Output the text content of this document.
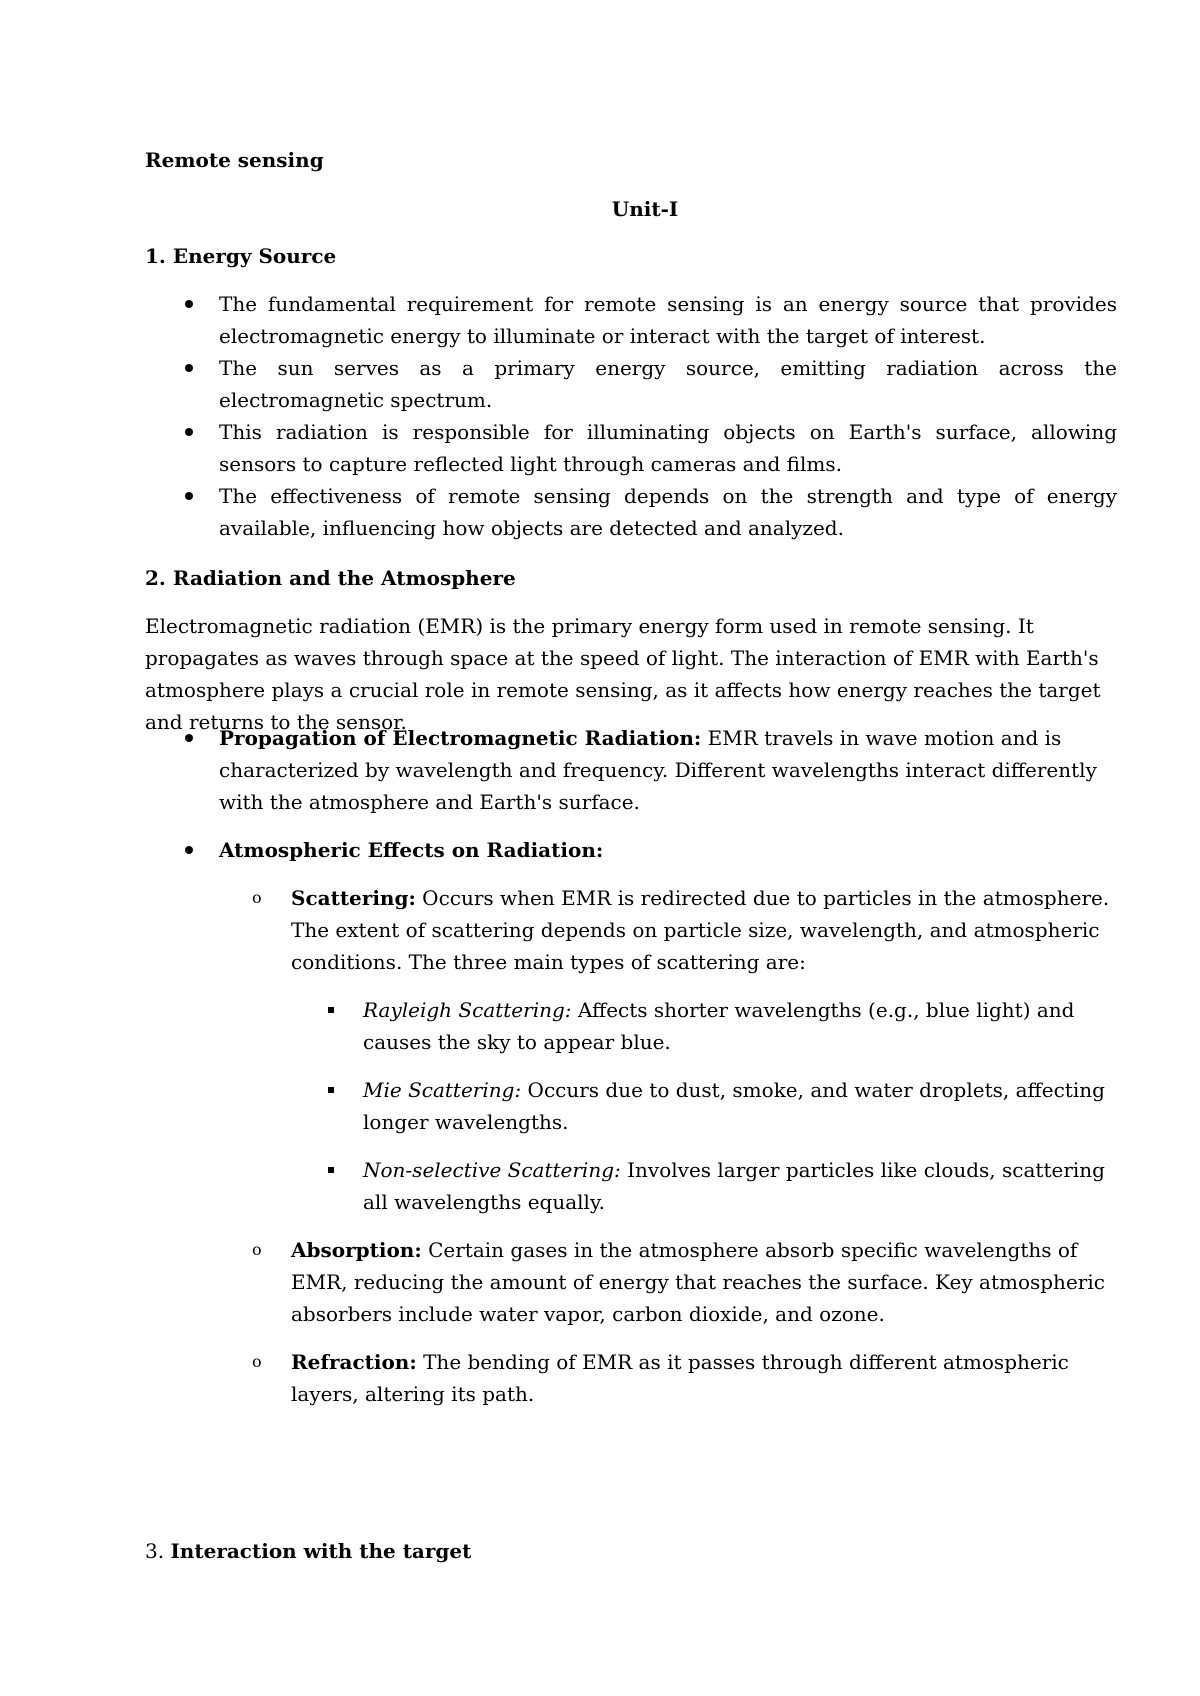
Remote sensing
Unit-I
1. Energy Source
The fundamental requirement for remote sensing is an energy source that provides electromagnetic energy to illuminate or interact with the target of interest.
The sun serves as a primary energy source, emitting radiation across the electromagnetic spectrum.
This radiation is responsible for illuminating objects on Earth's surface, allowing sensors to capture reflected light through cameras and films.
The effectiveness of remote sensing depends on the strength and type of energy available, influencing how objects are detected and analyzed.
2. Radiation and the Atmosphere
Electromagnetic radiation (EMR) is the primary energy form used in remote sensing. It propagates as waves through space at the speed of light. The interaction of EMR with Earth's atmosphere plays a crucial role in remote sensing, as it affects how energy reaches the target and returns to the sensor.
Propagation of Electromagnetic Radiation: EMR travels in wave motion and is characterized by wavelength and frequency. Different wavelengths interact differently with the atmosphere and Earth's surface.
Atmospheric Effects on Radiation:
o Scattering: Occurs when EMR is redirected due to particles in the atmosphere. The extent of scattering depends on particle size, wavelength, and atmospheric conditions. The three main types of scattering are:
Rayleigh Scattering: Affects shorter wavelengths (e.g., blue light) and causes the sky to appear blue.
Mie Scattering: Occurs due to dust, smoke, and water droplets, affecting longer wavelengths.
Non-selective Scattering: Involves larger particles like clouds, scattering all wavelengths equally.
o Absorption: Certain gases in the atmosphere absorb specific wavelengths of EMR, reducing the amount of energy that reaches the surface. Key atmospheric absorbers include water vapor, carbon dioxide, and ozone.
o Refraction: The bending of EMR as it passes through different atmospheric layers, altering its path.
3. Interaction with the target
